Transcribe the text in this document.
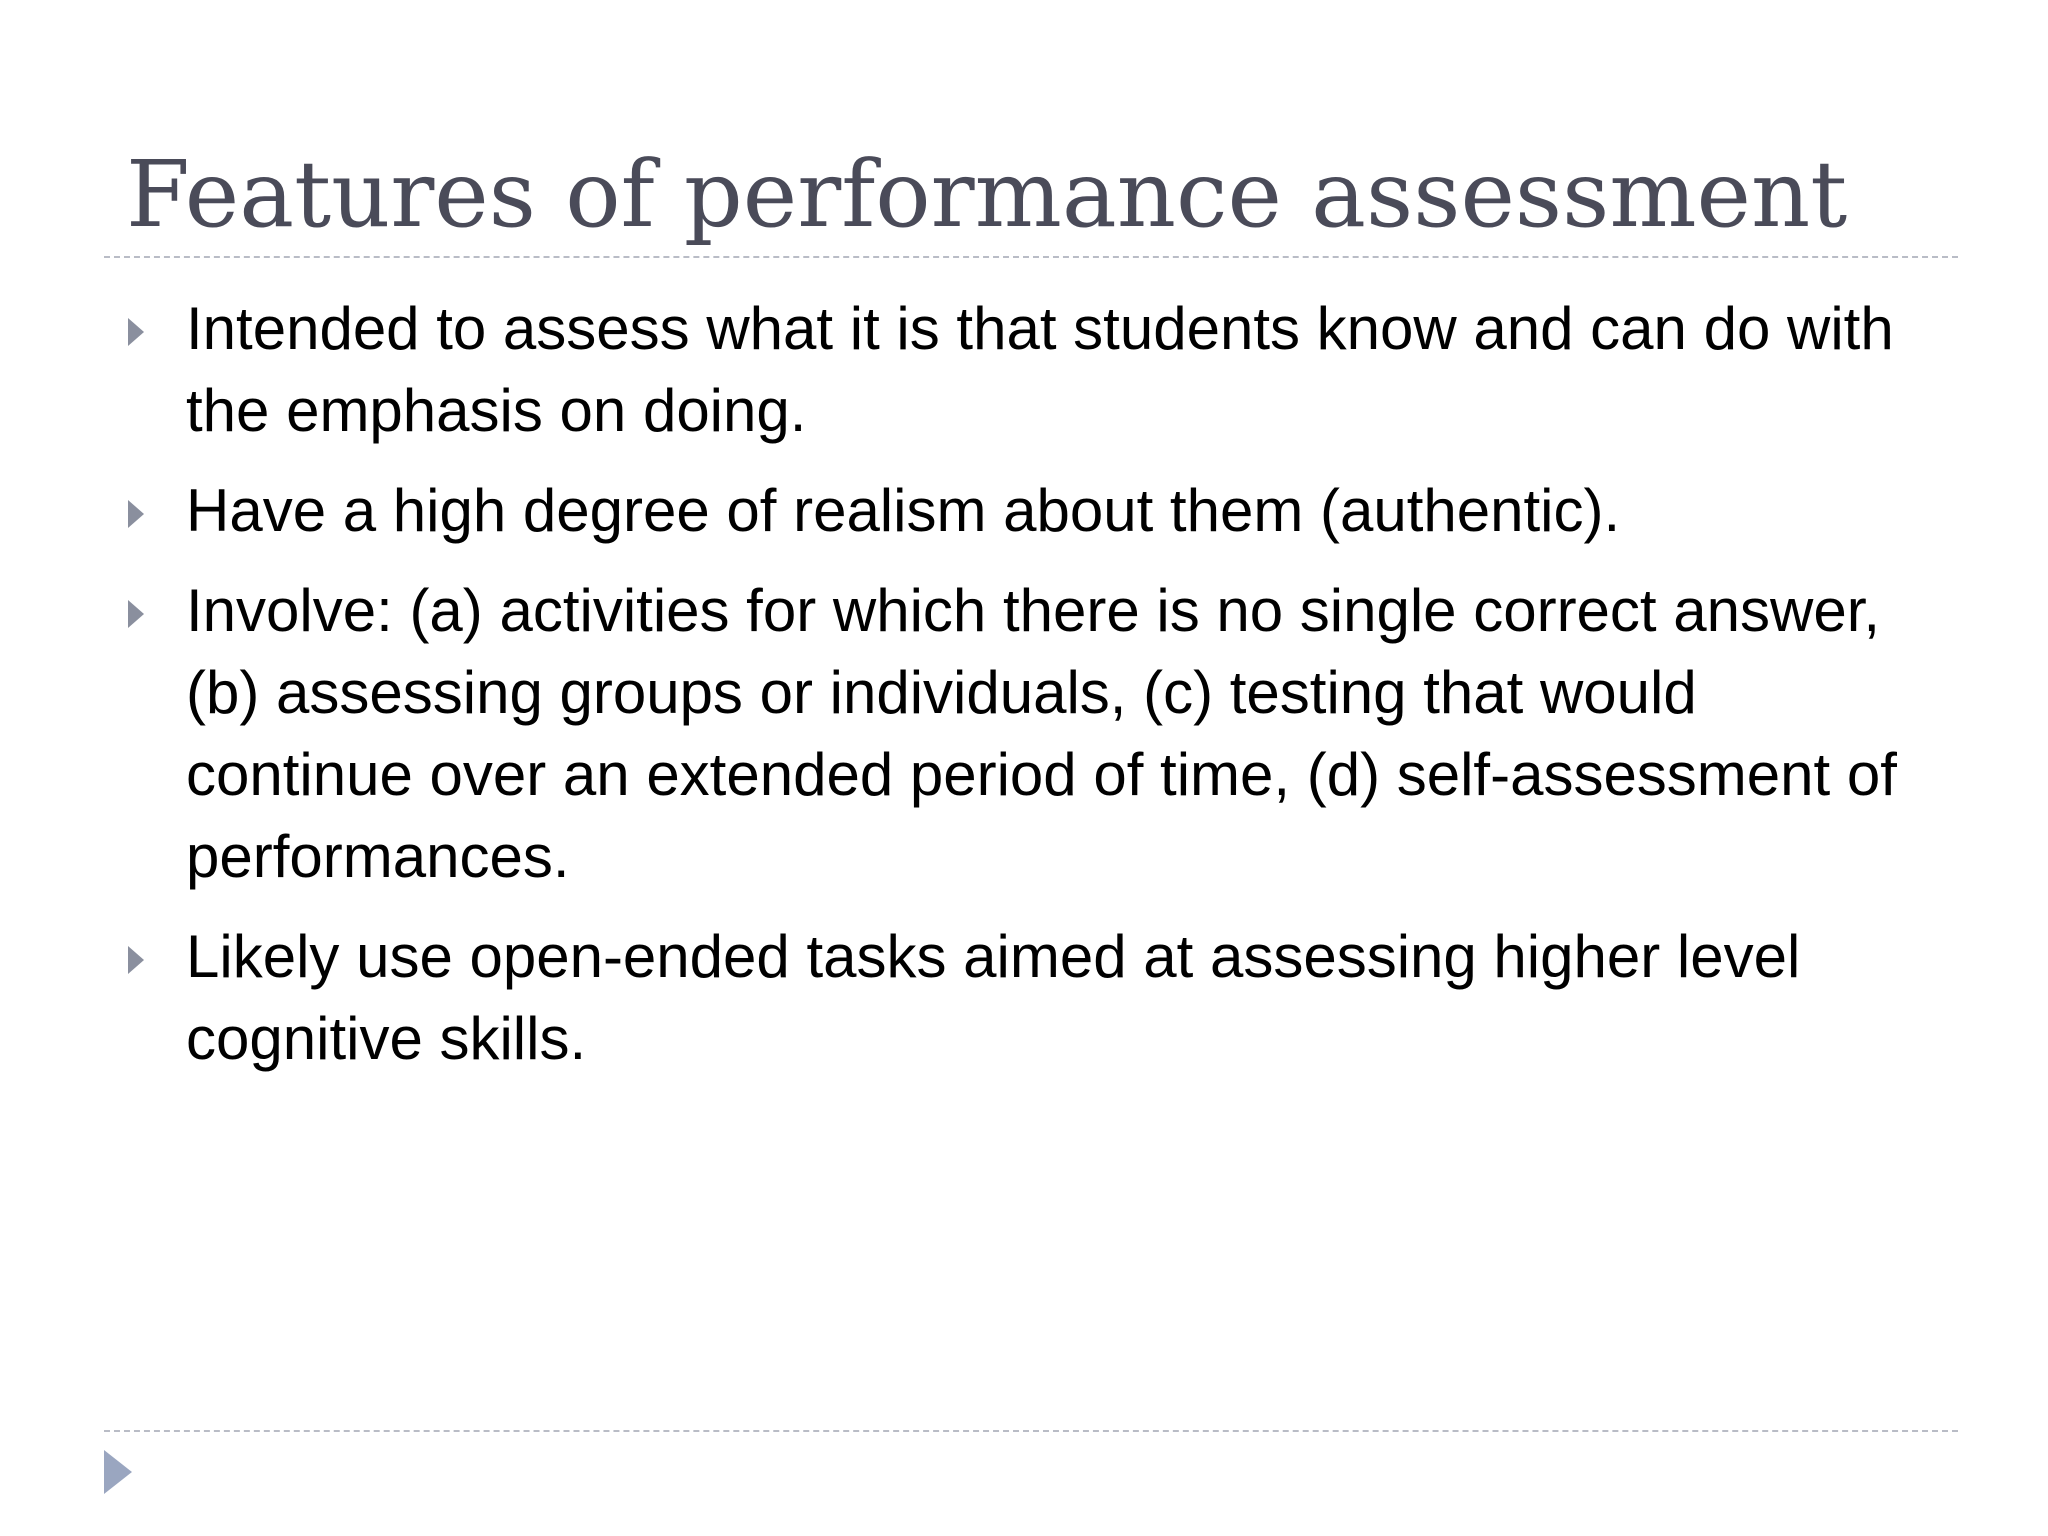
Features of performance assessment
Intended to assess what it is that students know and can do with the emphasis on doing.
Have a high degree of realism about them (authentic).
Involve: (a) activities for which there is no single correct answer, (b) assessing groups or individuals, (c) testing that would continue over an extended period of time, (d) self-assessment of performances.
Likely use open-ended tasks aimed at assessing higher level cognitive skills.
